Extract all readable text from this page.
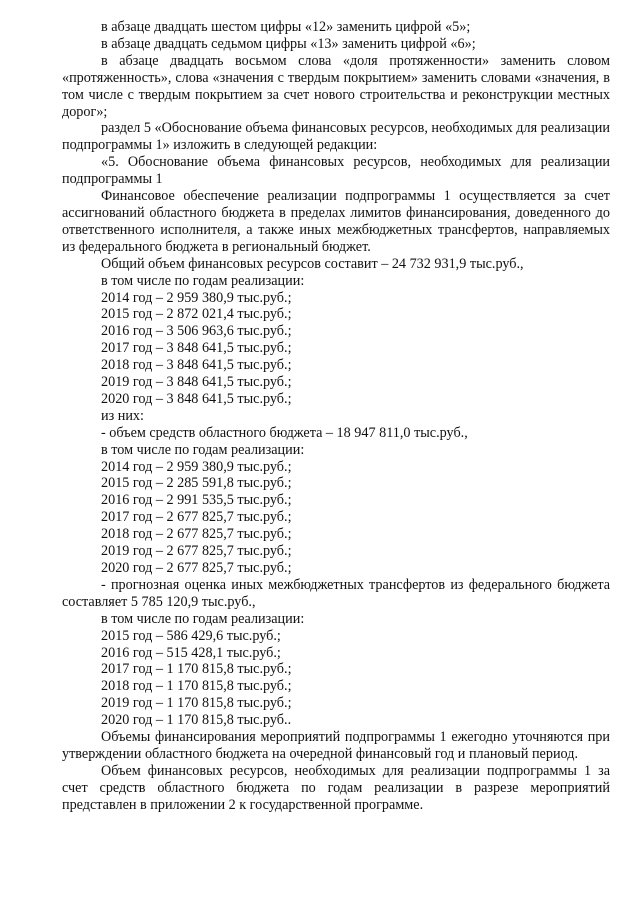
в абзаце двадцать шестом цифры «12» заменить цифрой «5»;

в абзаце двадцать седьмом цифры «13» заменить цифрой «6»;

в абзаце двадцать восьмом слова «доля протяженности» заменить словом «протяженность», слова «значения с твердым покрытием» заменить словами «значения, в том числе с твердым покрытием за счет нового строительства и реконструкции местных дорог»;

раздел 5 «Обоснование объема финансовых ресурсов, необходимых для реализации подпрограммы 1» изложить в следующей редакции:

«5. Обоснование объема финансовых ресурсов, необходимых для реализации подпрограммы 1

Финансовое обеспечение реализации подпрограммы 1 осуществляется за счет ассигнований областного бюджета в пределах лимитов финансирования, доведенного до ответственного исполнителя, а также иных межбюджетных трансфертов, направляемых из федерального бюджета в региональный бюджет.

Общий объем финансовых ресурсов составит – 24 732 931,9 тыс.руб.,

в том числе по годам реализации:

2014 год – 2 959 380,9 тыс.руб.;

2015 год – 2 872 021,4 тыс.руб.;

2016 год – 3 506 963,6 тыс.руб.;

2017 год – 3 848 641,5 тыс.руб.;

2018 год – 3 848 641,5 тыс.руб.;

2019 год – 3 848 641,5 тыс.руб.;

2020 год – 3 848 641,5 тыс.руб.;

из них:

- объем средств областного бюджета – 18 947 811,0 тыс.руб.,

в том числе по годам реализации:

2014 год – 2 959 380,9 тыс.руб.;

2015 год – 2 285 591,8 тыс.руб.;

2016 год – 2 991 535,5 тыс.руб.;

2017 год – 2 677 825,7 тыс.руб.;

2018 год – 2 677 825,7 тыс.руб.;

2019 год – 2 677 825,7 тыс.руб.;

2020 год – 2 677 825,7 тыс.руб.;

- прогнозная оценка иных межбюджетных трансфертов из федерального бюджета составляет 5 785 120,9 тыс.руб.,

в том числе по годам реализации:

2015 год – 586 429,6 тыс.руб.;

2016 год – 515 428,1 тыс.руб.;

2017 год – 1 170 815,8 тыс.руб.;

2018 год – 1 170 815,8 тыс.руб.;

2019 год – 1 170 815,8 тыс.руб.;

2020 год – 1 170 815,8 тыс.руб..

Объемы финансирования мероприятий подпрограммы 1 ежегодно уточняются при утверждении областного бюджета на очередной финансовый год и плановый период.

Объем финансовых ресурсов, необходимых для реализации подпрограммы 1 за счет средств областного бюджета по годам реализации в разрезе мероприятий представлен в приложении 2 к государственной программе.
